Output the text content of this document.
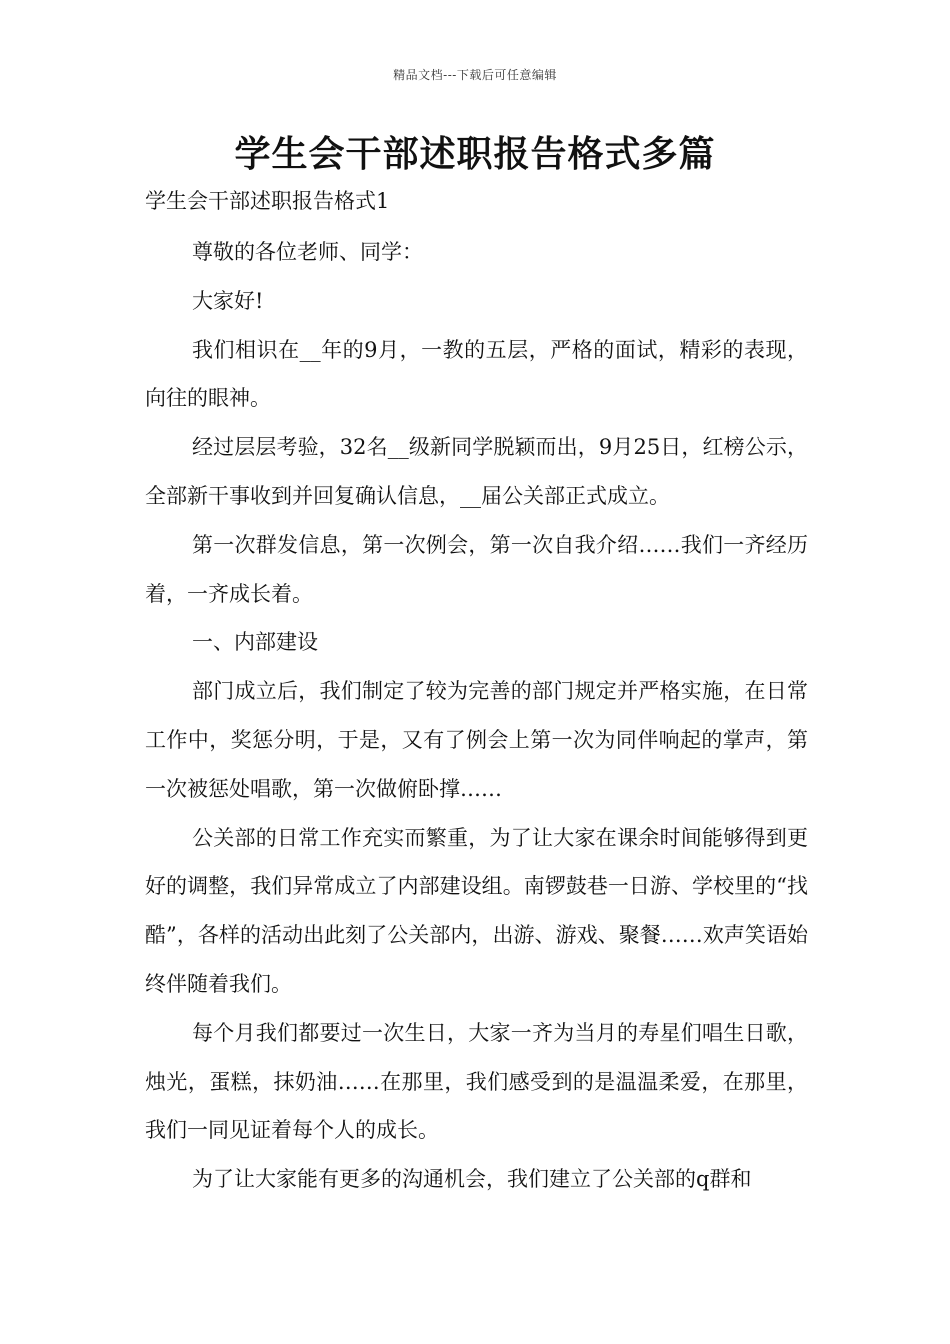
精品文档---下载后可任意编辑
学生会干部述职报告格式多篇
学生会干部述职报告格式1

尊敬的各位老师、同学：

大家好!

我们相识在__年的9月，一教的五层，严格的面试，精彩的表现，向往的眼神。

经过层层考验，32名__级新同学脱颖而出，9月25日，红榜公示，全部新干事收到并回复确认信息，__届公关部正式成立。

第一次群发信息，第一次例会，第一次自我介绍……我们一齐经历着，一齐成长着。

一、内部建设

部门成立后，我们制定了较为完善的部门规定并严格实施，在日常工作中，奖惩分明，于是，又有了例会上第一次为同伴响起的掌声，第一次被惩处唱歌，第一次做俯卧撑……

公关部的日常工作充实而繁重，为了让大家在课余时间能够得到更好的调整，我们异常成立了内部建设组。南锣鼓巷一日游、学校里的“找酷”，各样的活动出此刻了公关部内，出游、游戏、聚餐……欢声笑语始终伴随着我们。

每个月我们都要过一次生日，大家一齐为当月的寿星们唱生日歌，烛光，蛋糕，抹奶油……在那里，我们感受到的是温温柔爱，在那里，我们一同见证着每个人的成长。

为了让大家能有更多的沟通机会，我们建立了公关部的q群和
